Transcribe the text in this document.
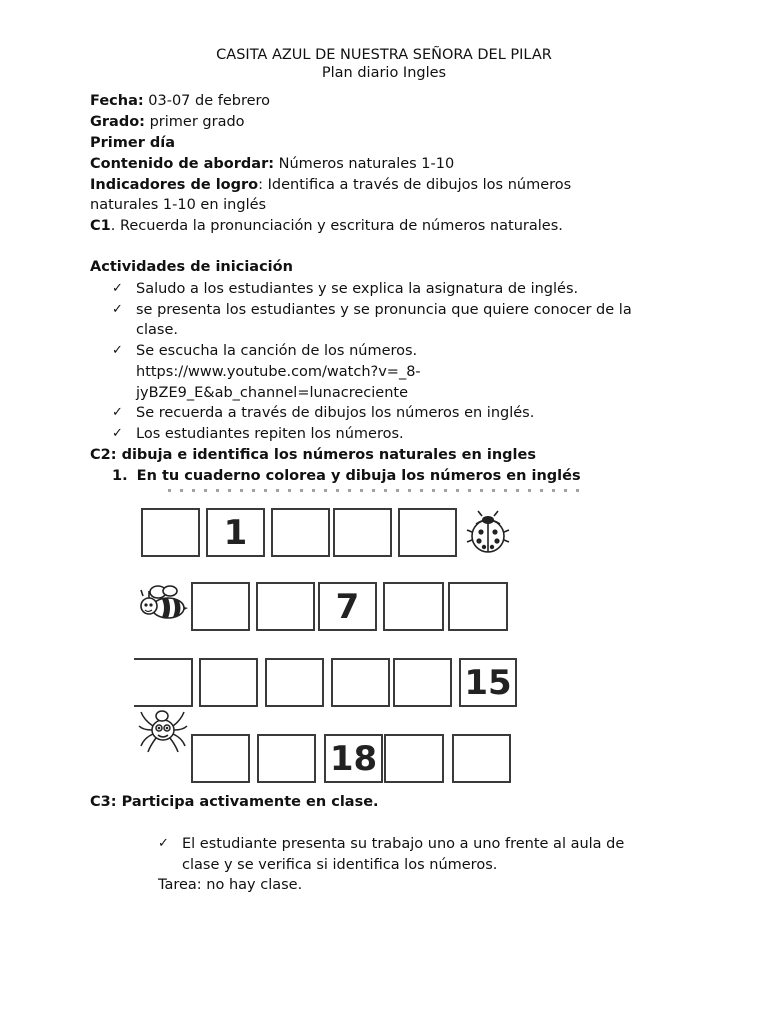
CASITA AZUL DE NUESTRA SEÑORA DEL PILAR
Plan diario Ingles
Fecha: 03-07 de febrero
Grado: primer grado
Primer día
Contenido de abordar: Números naturales 1-10
Indicadores de logro: Identifica a través de dibujos los números
naturales 1-10 en inglés
C1. Recuerda la pronunciación y escritura de números naturales.
Actividades de iniciación
✓ Saludo a los estudiantes y se explica la asignatura de inglés.
✓ se presenta los estudiantes y se pronuncia que quiere conocer de la
clase.
✓ Se escucha la canción de los números.
https://www.youtube.com/watch?v=_8-
jyBZE9_E&ab_channel=lunacreciente
✓ Se recuerda a través de dibujos los números en inglés.
✓ Los estudiantes repiten los números.
C2: dibuja e identifica los números naturales en ingles
1. En tu cuaderno colorea y dibuja los números en inglés
1
7
15
18
C3: Participa activamente en clase.
✓ El estudiante presenta su trabajo uno a uno frente al aula de
clase y se verifica si identifica los números.
Tarea: no hay clase.
